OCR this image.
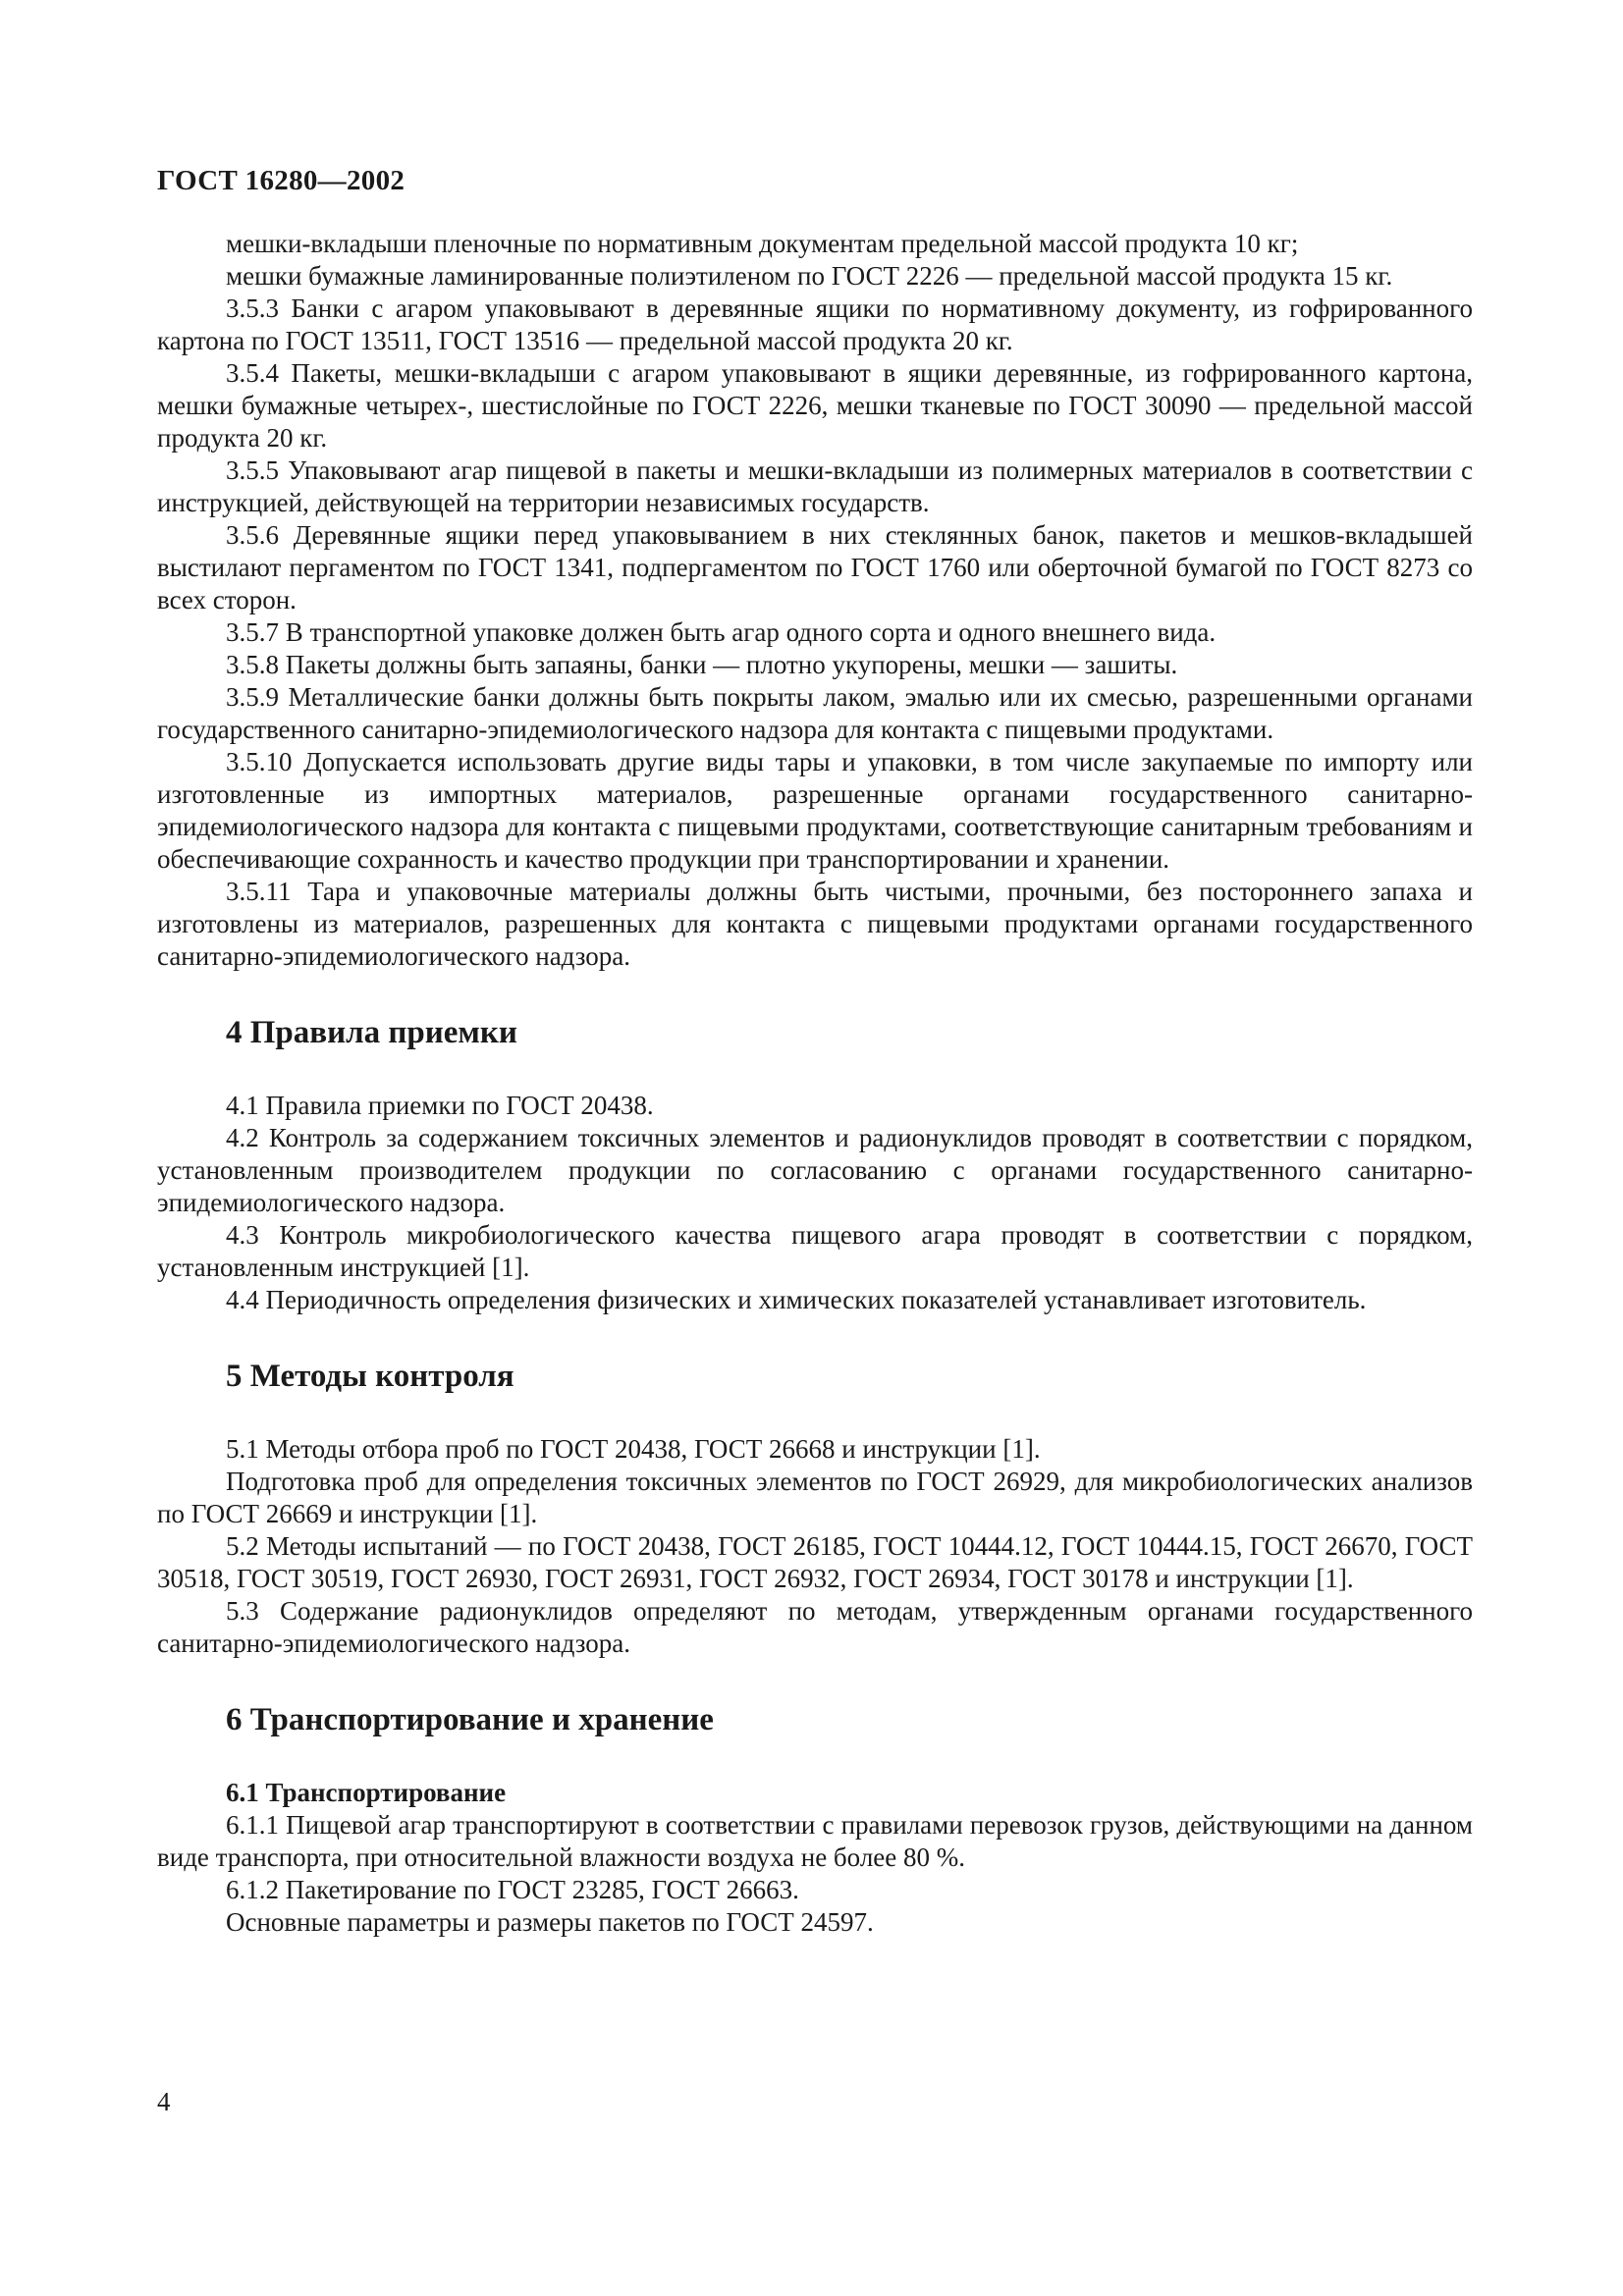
ГОСТ 16280—2002

мешки-вкладыши пленочные по нормативным документам предельной массой продукта 10 кг;

мешки бумажные ламинированные полиэтиленом по ГОСТ 2226 — предельной массой продукта 15 кг.

3.5.3 Банки с агаром упаковывают в деревянные ящики по нормативному документу, из гофрированного картона по ГОСТ 13511, ГОСТ 13516 — предельной массой продукта 20 кг.

3.5.4 Пакеты, мешки-вкладыши с агаром упаковывают в ящики деревянные, из гофрированного картона, мешки бумажные четырех-, шестислойные по ГОСТ 2226, мешки тканевые по ГОСТ 30090 — предельной массой продукта 20 кг.

3.5.5 Упаковывают агар пищевой в пакеты и мешки-вкладыши из полимерных материалов в соответствии с инструкцией, действующей на территории независимых государств.

3.5.6 Деревянные ящики перед упаковыванием в них стеклянных банок, пакетов и мешков-вкладышей выстилают пергаментом по ГОСТ 1341, подпергаментом по ГОСТ 1760 или оберточной бумагой по ГОСТ 8273 со всех сторон.

3.5.7 В транспортной упаковке должен быть агар одного сорта и одного внешнего вида.

3.5.8 Пакеты должны быть запаяны, банки — плотно укупорены, мешки — зашиты.

3.5.9 Металлические банки должны быть покрыты лаком, эмалью или их смесью, разрешенными органами государственного санитарно-эпидемиологического надзора для контакта с пищевыми продуктами.

3.5.10 Допускается использовать другие виды тары и упаковки, в том числе закупаемые по импорту или изготовленные из импортных материалов, разрешенные органами государственного санитарно-эпидемиологического надзора для контакта с пищевыми продуктами, соответствующие санитарным требованиям и обеспечивающие сохранность и качество продукции при транспортировании и хранении.

3.5.11 Тара и упаковочные материалы должны быть чистыми, прочными, без постороннего запаха и изготовлены из материалов, разрешенных для контакта с пищевыми продуктами органами государственного санитарно-эпидемиологического надзора.

4 Правила приемки

4.1 Правила приемки по ГОСТ 20438.

4.2 Контроль за содержанием токсичных элементов и радионуклидов проводят в соответствии с порядком, установленным производителем продукции по согласованию с органами государственного санитарно-эпидемиологического надзора.

4.3 Контроль микробиологического качества пищевого агара проводят в соответствии с порядком, установленным инструкцией [1].

4.4 Периодичность определения физических и химических показателей устанавливает изготовитель.

5 Методы контроля

5.1 Методы отбора проб по ГОСТ 20438, ГОСТ 26668 и инструкции [1].

Подготовка проб для определения токсичных элементов по ГОСТ 26929, для микробиологических анализов по ГОСТ 26669 и инструкции [1].

5.2 Методы испытаний — по ГОСТ 20438, ГОСТ 26185, ГОСТ 10444.12, ГОСТ 10444.15, ГОСТ 26670, ГОСТ 30518, ГОСТ 30519, ГОСТ 26930, ГОСТ 26931, ГОСТ 26932, ГОСТ 26934, ГОСТ 30178 и инструкции [1].

5.3 Содержание радионуклидов определяют по методам, утвержденным органами государственного санитарно-эпидемиологического надзора.

6 Транспортирование и хранение
6.1 Транспортирование

6.1.1 Пищевой агар транспортируют в соответствии с правилами перевозок грузов, действующими на данном виде транспорта, при относительной влажности воздуха не более 80 %.

6.1.2 Пакетирование по ГОСТ 23285, ГОСТ 26663.

Основные параметры и размеры пакетов по ГОСТ 24597.

4
